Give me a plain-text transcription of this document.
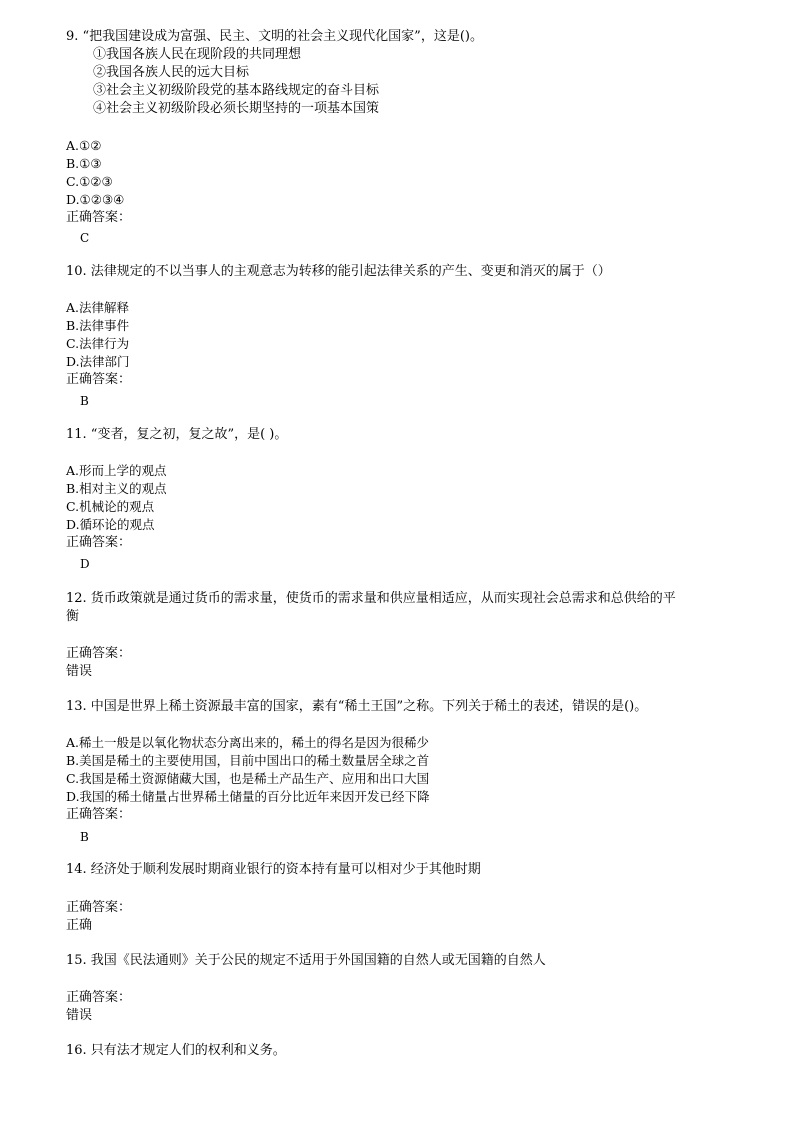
9. “把我国建设成为富强、民主、文明的社会主义现代化国家”，这是()。
①我国各族人民在现阶段的共同理想
②我国各族人民的远大目标
③社会主义初级阶段党的基本路线规定的奋斗目标
④社会主义初级阶段必须长期坚持的一项基本国策
A.①②
B.①③
C.①②③
D.①②③④
正确答案：
C
10. 法律规定的不以当事人的主观意志为转移的能引起法律关系的产生、变更和消灭的属于（）
A.法律解释
B.法律事件
C.法律行为
D.法律部门
正确答案：
B
11. “变者，复之初，复之故”，是( )。
A.形而上学的观点
B.相对主义的观点
C.机械论的观点
D.循环论的观点
正确答案：
D
12. 货币政策就是通过货币的需求量，使货币的需求量和供应量相适应，从而实现社会总需求和总供给的平
衡
正确答案：
错误
13. 中国是世界上稀土资源最丰富的国家，素有“稀土王国”之称。下列关于稀土的表述，错误的是()。
A.稀土一般是以氧化物状态分离出来的，稀土的得名是因为很稀少
B.美国是稀土的主要使用国，目前中国出口的稀土数量居全球之首
C.我国是稀土资源储藏大国，也是稀土产品生产、应用和出口大国
D.我国的稀土储量占世界稀土储量的百分比近年来因开发已经下降
正确答案：
B
14. 经济处于顺利发展时期商业银行的资本持有量可以相对少于其他时期
正确答案：
正确
15. 我国《民法通则》关于公民的规定不适用于外国国籍的自然人或无国籍的自然人
正确答案：
错误
16. 只有法才规定人们的权利和义务。
